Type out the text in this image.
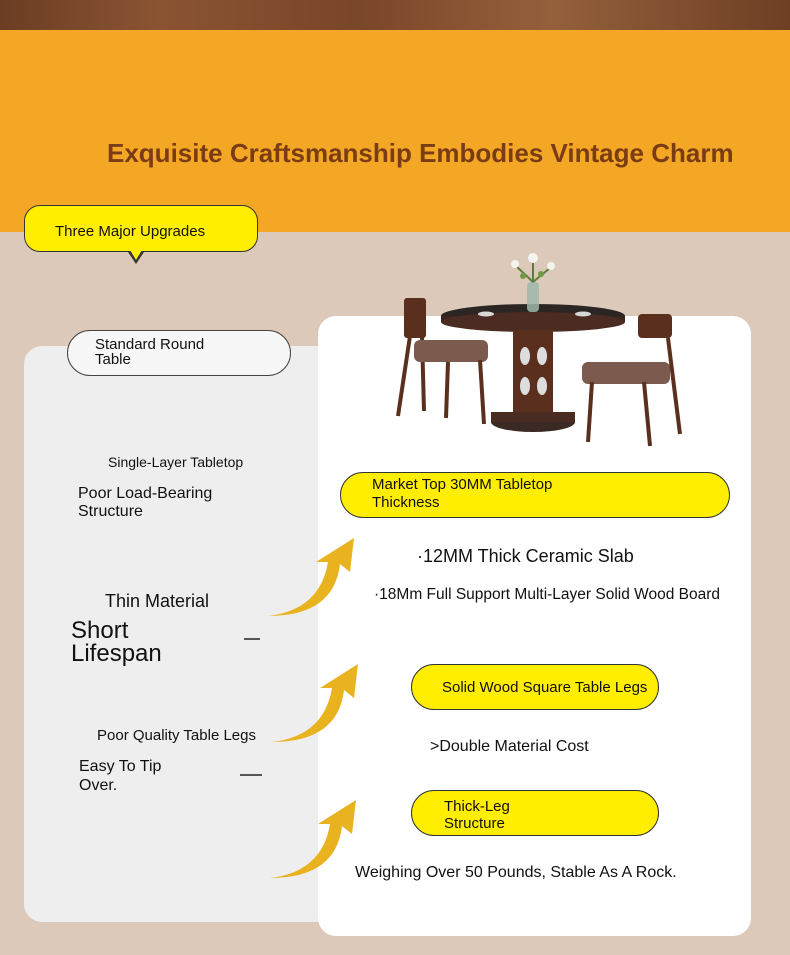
Exquisite Craftsmanship Embodies Vintage Charm
Three Major Upgrades
Standard Round Table
Single-Layer Tabletop
Poor Load-Bearing Structure
Thin Material
Short Lifespan
Poor Quality Table Legs
Easy To Tip Over.
Market Top 30MM Tabletop Thickness
·12MM Thick Ceramic Slab
·18Mm Full Support Multi-Layer Solid Wood Board
Solid Wood Square Table Legs
>Double Material Cost
Thick-Leg Structure
Weighing Over 50 Pounds, Stable As A Rock.
